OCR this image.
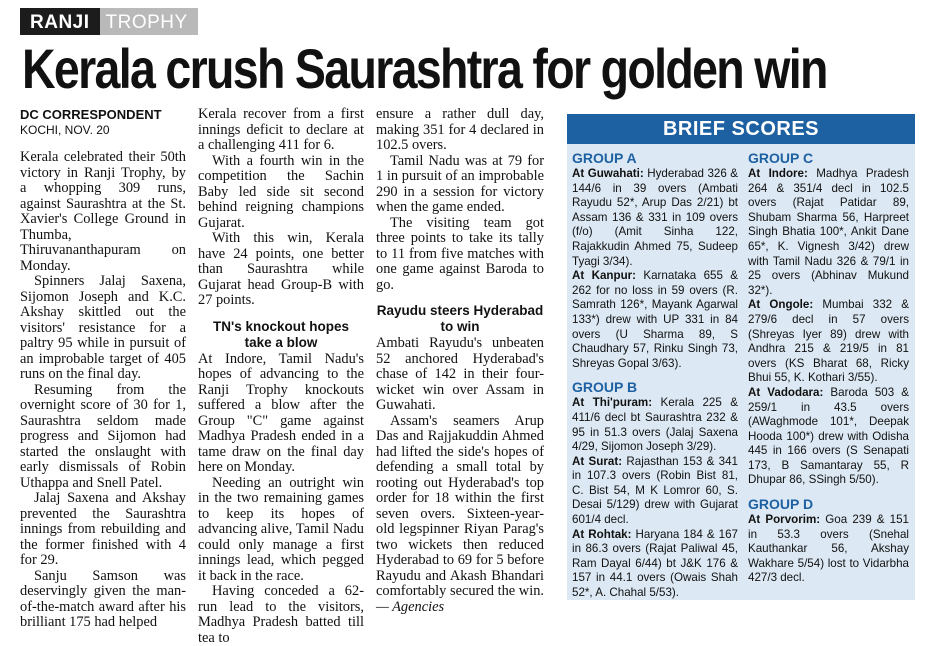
RANJI TROPHY
Kerala crush Saurashtra for golden win
DC CORRESPONDENT
KOCHI, NOV. 20

Kerala celebrated their 50th victory in Ranji Trophy, by a whopping 309 runs, against Saurashtra at the St. Xavier's College Ground in Thumba, Thiruvananthapuram on Monday.

Spinners Jalaj Saxena, Sijomon Joseph and K.C. Akshay skittled out the visitors' resistance for a paltry 95 while in pursuit of an improbable target of 405 runs on the final day.

Resuming from the overnight score of 30 for 1, Saurashtra seldom made progress and Sijomon had started the onslaught with early dismissals of Robin Uthappa and Snell Patel.

Jalaj Saxena and Akshay prevented the Saurashtra innings from rebuilding and the former finished with 4 for 29.

Sanju Samson was deservingly given the man-of-the-match award after his brilliant 175 had helped

Kerala recover from a first innings deficit to declare at a challenging 411 for 6.

With a fourth win in the competition the Sachin Baby led side sit second behind reigning champions Gujarat.

With this win, Kerala have 24 points, one better than Saurashtra while Gujarat head Group-B with 27 points.

TN's knockout hopes take a blow

At Indore, Tamil Nadu's hopes of advancing to the Ranji Trophy knockouts suffered a blow after the Group "C" game against Madhya Pradesh ended in a tame draw on the final day here on Monday.

Needing an outright win in the two remaining games to keep its hopes of advancing alive, Tamil Nadu could only manage a first innings lead, which pegged it back in the race.

Having conceded a 62-run lead to the visitors, Madhya Pradesh batted till tea to

ensure a rather dull day, making 351 for 4 declared in 102.5 overs.

Tamil Nadu was at 79 for 1 in pursuit of an improbable 290 in a session for victory when the game ended.

The visiting team got three points to take its tally to 11 from five matches with one game against Baroda to go.

Rayudu steers Hyderabad to win

Ambati Rayudu's unbeaten 52 anchored Hyderabad's chase of 142 in their four-wicket win over Assam in Guwahati.

Assam's seamers Arup Das and Rajjakuddin Ahmed had lifted the side's hopes of defending a small total by rooting out Hyderabad's top order for 18 within the first seven overs. Sixteen-year-old legspinner Riyan Parag's two wickets then reduced Hyderabad to 69 for 5 before Rayudu and Akash Bhandari comfortably secured the win. — Agencies

BRIEF SCORES
GROUP A

At Guwahati: Hyderabad 326 & 144/6 in 39 overs (Ambati Rayudu 52*, Arup Das 2/21) bt Assam 136 & 331 in 109 overs (f/o) (Amit Sinha 122, Rajakkudin Ahmed 75, Sudeep Tyagi 3/34).

At Kanpur: Karnataka 655 & 262 for no loss in 59 overs (R. Samrath 126*, Mayank Agarwal 133*) drew with UP 331 in 84 overs (U Sharma 89, S Chaudhary 57, Rinku Singh 73, Shreyas Gopal 3/63).

GROUP B

At Thi'puram: Kerala 225 & 411/6 decl bt Saurashtra 232 & 95 in 51.3 overs (Jalaj Saxena 4/29, Sijomon Joseph 3/29).

At Surat: Rajasthan 153 & 341 in 107.3 overs (Robin Bist 81, C. Bist 54, M K Lomror 60, S. Desai 5/129) drew with Gujarat 601/4 decl.

At Rohtak: Haryana 184 & 167 in 86.3 overs (Rajat Paliwal 45, Ram Dayal 6/44) bt J&K 176 & 157 in 44.1 overs (Owais Shah 52*, A. Chahal 5/53).

GROUP C

At Indore: Madhya Pradesh 264 & 351/4 decl in 102.5 overs (Rajat Patidar 89, Shubam Sharma 56, Harpreet Singh Bhatia 100*, Ankit Dane 65*, K. Vignesh 3/42) drew with Tamil Nadu 326 & 79/1 in 25 overs (Abhinav Mukund 32*).

At Ongole: Mumbai 332 & 279/6 decl in 57 overs (Shreyas Iyer 89) drew with Andhra 215 & 219/5 in 81 overs (KS Bharat 68, Ricky Bhui 55, K. Kothari 3/55).

At Vadodara: Baroda 503 & 259/1 in 43.5 overs (AWaghmode 101*, Deepak Hooda 100*) drew with Odisha 445 in 166 overs (S Senapati 173, B Samantaray 55, R Dhupar 86, SSingh 5/50).

GROUP D

At Porvorim: Goa 239 & 151 in 53.3 overs (Snehal Kauthankar 56, Akshay Wakhare 5/54) lost to Vidarbha 427/3 decl.
